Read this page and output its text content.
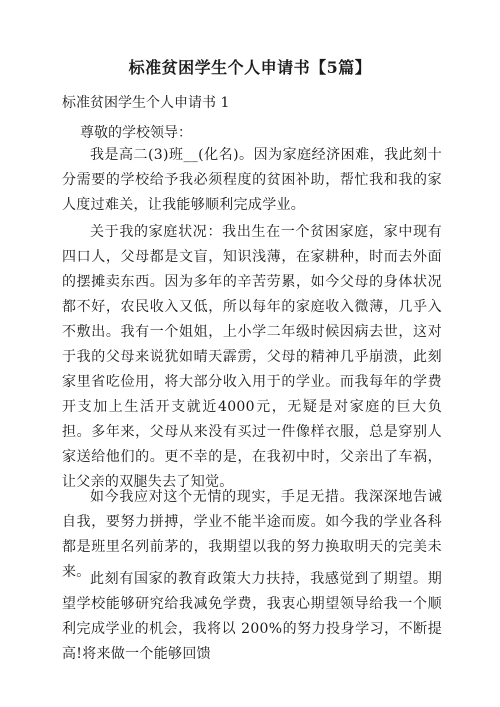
标准贫困学生个人申请书【5篇】
标准贫困学生个人申请书 1
尊敬的学校领导：

我是高二(3)班__(化名)。因为家庭经济困难，我此刻十分需要的学校给予我必须程度的贫困补助，帮忙我和我的家人度过难关，让我能够顺利完成学业。

关于我的家庭状况：我出生在一个贫困家庭，家中现有四口人，父母都是文盲，知识浅薄，在家耕种，时而去外面的摆摊卖东西。因为多年的辛苦劳累，如今父母的身体状况都不好，农民收入又低，所以每年的家庭收入微薄，几乎入不敷出。我有一个姐姐，上小学二年级时候因病去世，这对于我的父母来说犹如晴天霹雳，父母的精神几乎崩溃，此刻家里省吃俭用，将大部分收入用于的学业。而我每年的学费开支加上生活开支就近4000元，无疑是对家庭的巨大负担。多年来，父母从来没有买过一件像样衣服，总是穿别人家送给他们的。更不幸的是，在我初中时，父亲出了车祸，让父亲的双腿失去了知觉。

如今我应对这个无情的现实，手足无措。我深深地告诫自我，要努力拼搏，学业不能半途而废。如今我的学业各科都是班里名列前茅的，我期望以我的努力换取明天的完美未来。 此刻有国家的教育政策大力扶持，我感觉到了期望。期望学校能够研究给我减免学费，我衷心期望领导给我一个顺利完成学业的机会，我将以 200%的努力投身学习，不断提高!将来做一个能够回馈
